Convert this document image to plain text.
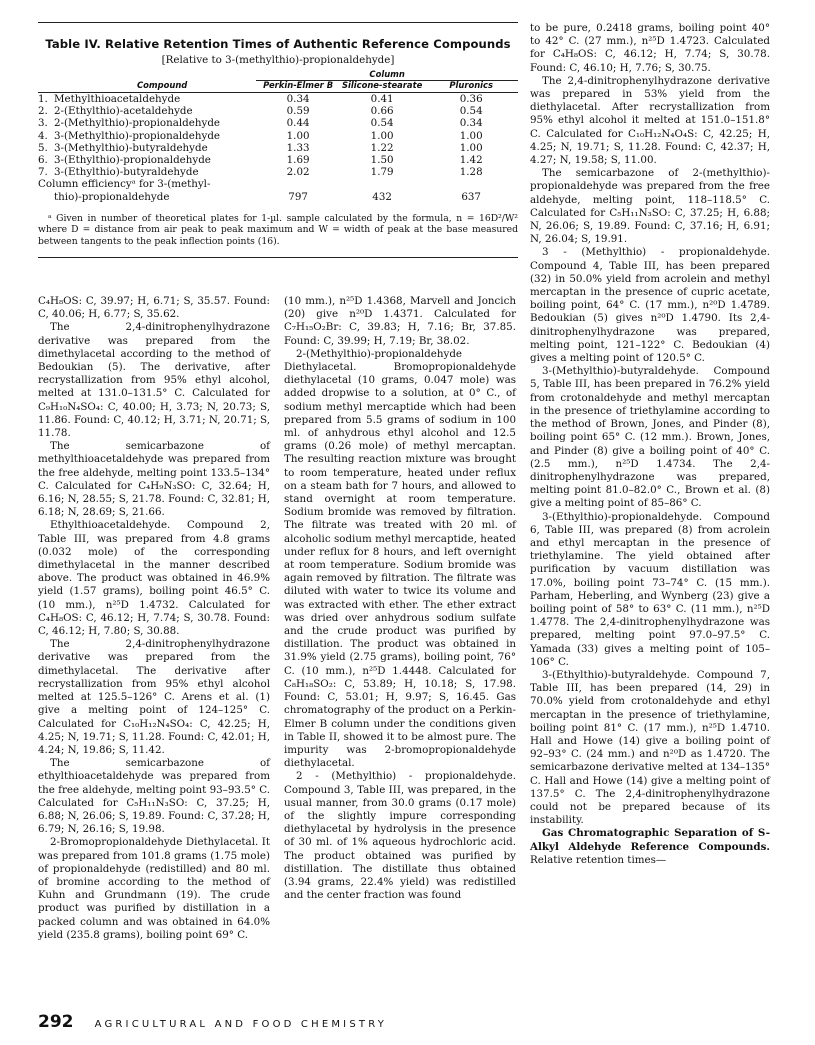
Table IV. Relative Retention Times of Authentic Reference Compounds
[Relative to 3-(methylthio)-propionaldehyde]
	Column		
Compound	Perkin-Elmer B	Silicone-stearate	Pluronics
1. Methylthioacetaldehyde	0.34	0.41	0.36
2. 2-(Ethylthio)-acetaldehyde	0.59	0.66	0.54
3. 2-(Methylthio)-propionaldehyde	0.44	0.54	0.34
4. 3-(Methylthio)-propionaldehyde	1.00	1.00	1.00
5. 3-(Methylthio)-butyraldehyde	1.33	1.22	1.00
6. 3-(Ethylthio)-propionaldehyde	1.69	1.50	1.42
7. 3-(Ethylthio)-butyraldehyde	2.02	1.79	1.28
Column efficiencyᵃ for 3-(methyl-			
thio)-propionaldehyde	797	432	637
ᵃ Given in number of theoretical plates for 1-µl. sample calculated by the formula, n = 16D²/W² where D = distance from air peak to peak maximum and W = width of peak at the base measured between tangents to the peak inflection points (16).

C₄H₈OS: C, 39.97; H, 6.71; S, 35.57. Found: C, 40.06; H, 6.77; S, 35.62.

The 2,4-dinitrophenylhydrazone derivative was prepared from the dimethylacetal according to the method of Bedoukian (5). The derivative, after recrystallization from 95% ethyl alcohol, melted at 131.0–131.5° C. Calculated for C₉H₁₀N₄SO₄: C, 40.00; H, 3.73; N, 20.73; S, 11.86. Found: C, 40.12; H, 3.71; N, 20.71; S, 11.78.

The semicarbazone of methylthioacetaldehyde was prepared from the free aldehyde, melting point 133.5–134° C. Calculated for C₄H₉N₃SO: C, 32.64; H, 6.16; N, 28.55; S, 21.78. Found: C, 32.81; H, 6.18; N, 28.69; S, 21.66.

Ethylthioacetaldehyde. Compound 2, Table III, was prepared from 4.8 grams (0.032 mole) of the corresponding dimethylacetal in the manner described above. The product was obtained in 46.9% yield (1.57 grams), boiling point 46.5° C. (10 mm.), n²⁵D 1.4732. Calculated for C₄H₈OS: C, 46.12; H, 7.74; S, 30.78. Found: C, 46.12; H, 7.80; S, 30.88.

The 2,4-dinitrophenylhydrazone derivative was prepared from the dimethylacetal. The derivative after recrystallization from 95% ethyl alcohol melted at 125.5–126° C. Arens et al. (1) give a melting point of 124–125° C. Calculated for C₁₀H₁₂N₄SO₄: C, 42.25; H, 4.25; N, 19.71; S, 11.28. Found: C, 42.01; H, 4.24; N, 19.86; S, 11.42.

The semicarbazone of ethylthioacetaldehyde was prepared from the free aldehyde, melting point 93–93.5° C. Calculated for C₅H₁₁N₃SO: C, 37.25; H, 6.88; N, 26.06; S, 19.89. Found: C, 37.28; H, 6.79; N, 26.16; S, 19.98.

2-Bromopropionaldehyde Diethylacetal. It was prepared from 101.8 grams (1.75 mole) of propionaldehyde (redistilled) and 80 ml. of bromine according to the method of Kuhn and Grundmann (19). The crude product was purified by distillation in a packed column and was obtained in 64.0% yield (235.8 grams), boiling point 69° C.

(10 mm.), n²⁵D 1.4368, Marvell and Joncich (20) give n²⁰D 1.4371. Calculated for C₇H₁₅O₂Br: C, 39.83; H, 7.16; Br, 37.85. Found: C, 39.99; H, 7.19; Br, 38.02.

2-(Methylthio)-propionaldehyde Diethylacetal. Bromopropionaldehyde diethylacetal (10 grams, 0.047 mole) was added dropwise to a solution, at 0° C., of sodium methyl mercaptide which had been prepared from 5.5 grams of sodium in 100 ml. of anhydrous ethyl alcohol and 12.5 grams (0.26 mole) of methyl mercaptan. The resulting reaction mixture was brought to room temperature, heated under reflux on a steam bath for 7 hours, and allowed to stand overnight at room temperature. Sodium bromide was removed by filtration. The filtrate was treated with 20 ml. of alcoholic sodium methyl mercaptide, heated under reflux for 8 hours, and left overnight at room temperature. Sodium bromide was again removed by filtration. The filtrate was diluted with water to twice its volume and was extracted with ether. The ether extract was dried over anhydrous sodium sulfate and the crude product was purified by distillation. The product was obtained in 31.9% yield (2.75 grams), boiling point, 76° C. (10 mm.), n²⁵D 1.4448. Calculated for C₈H₁₈SO₂: C, 53.89; H, 10.18; S, 17.98. Found: C, 53.01; H, 9.97; S, 16.45. Gas chromatography of the product on a Perkin-Elmer B column under the conditions given in Table II, showed it to be almost pure. The impurity was 2-bromopropionaldehyde diethylacetal.

2 - (Methylthio) - propionaldehyde. Compound 3, Table III, was prepared, in the usual manner, from 30.0 grams (0.17 mole) of the slightly impure corresponding diethylacetal by hydrolysis in the presence of 30 ml. of 1% aqueous hydrochloric acid. The product obtained was purified by distillation. The distillate thus obtained (3.94 grams, 22.4% yield) was redistilled and the center fraction was found

to be pure, 0.2418 grams, boiling point 40° to 42° C. (27 mm.), n²⁵D 1.4723. Calculated for C₄H₈OS: C, 46.12; H, 7.74; S, 30.78. Found: C, 46.10; H, 7.76; S, 30.75.

The 2,4-dinitrophenylhydrazone derivative was prepared in 53% yield from the diethylacetal. After recrystallization from 95% ethyl alcohol it melted at 151.0–151.8° C. Calculated for C₁₀H₁₂N₄O₄S: C, 42.25; H, 4.25; N, 19.71; S, 11.28. Found: C, 42.37; H, 4.27; N, 19.58; S, 11.00.

The semicarbazone of 2-(methylthio)-propionaldehyde was prepared from the free aldehyde, melting point, 118–118.5° C. Calculated for C₅H₁₁N₃SO: C, 37.25; H, 6.88; N, 26.06; S, 19.89. Found: C, 37.16; H, 6.91; N, 26.04; S, 19.91.

3 - (Methylthio) - propionaldehyde. Compound 4, Table III, has been prepared (32) in 50.0% yield from acrolein and methyl mercaptan in the presence of cupric acetate, boiling point, 64° C. (17 mm.), n²⁰D 1.4789. Bedoukian (5) gives n²⁰D 1.4790. Its 2,4-dinitrophenylhydrazone was prepared, melting point, 121–122° C. Bedoukian (4) gives a melting point of 120.5° C.

3-(Methylthio)-butyraldehyde. Compound 5, Table III, has been prepared in 76.2% yield from crotonaldehyde and methyl mercaptan in the presence of triethylamine according to the method of Brown, Jones, and Pinder (8), boiling point 65° C. (12 mm.). Brown, Jones, and Pinder (8) give a boiling point of 40° C. (2.5 mm.), n²⁵D 1.4734. The 2,4-dinitrophenylhydrazone was prepared, melting point 81.0–82.0° C., Brown et al. (8) give a melting point of 85–86° C.

3-(Ethylthio)-propionaldehyde. Compound 6, Table III, was prepared (8) from acrolein and ethyl mercaptan in the presence of triethylamine. The yield obtained after purification by vacuum distillation was 17.0%, boiling point 73–74° C. (15 mm.). Parham, Heberling, and Wynberg (23) give a boiling point of 58° to 63° C. (11 mm.), n²⁵D 1.4778. The 2,4-dinitrophenylhydrazone was prepared, melting point 97.0–97.5° C. Yamada (33) gives a melting point of 105–106° C.

3-(Ethylthio)-butyraldehyde. Compound 7, Table III, has been prepared (14, 29) in 70.0% yield from crotonaldehyde and ethyl mercaptan in the presence of triethylamine, boiling point 81° C. (17 mm.), n²⁵D 1.4710. Hall and Howe (14) give a boiling point of 92–93° C. (24 mm.) and n²⁰D as 1.4720. The semicarbazone derivative melted at 134–135° C. Hall and Howe (14) give a melting point of 137.5° C. The 2,4-dinitrophenylhydrazone could not be prepared because of its instability.

Gas Chromatographic Separation of S-Alkyl Aldehyde Reference Compounds. Relative retention times—

292 AGRICULTURAL AND FOOD CHEMISTRY
